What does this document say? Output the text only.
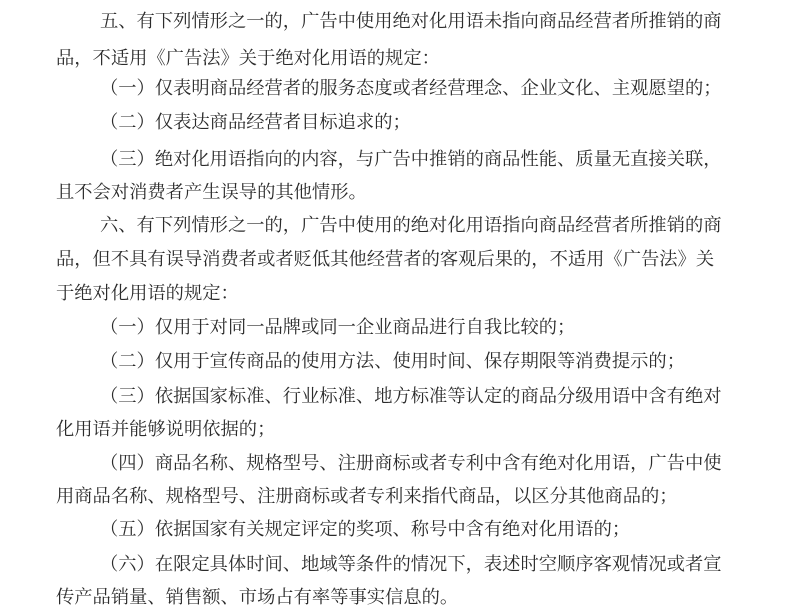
五、有下列情形之一的，广告中使用绝对化用语未指向商品经营者所推销的商
品，不适用《广告法》关于绝对化用语的规定：
（一）仅表明商品经营者的服务态度或者经营理念、企业文化、主观愿望的；
（二）仅表达商品经营者目标追求的；
（三）绝对化用语指向的内容，与广告中推销的商品性能、质量无直接关联，
且不会对消费者产生误导的其他情形。
六、有下列情形之一的，广告中使用的绝对化用语指向商品经营者所推销的商
品，但不具有误导消费者或者贬低其他经营者的客观后果的，不适用《广告法》关
于绝对化用语的规定：
（一）仅用于对同一品牌或同一企业商品进行自我比较的；
（二）仅用于宣传商品的使用方法、使用时间、保存期限等消费提示的；
（三）依据国家标准、行业标准、地方标准等认定的商品分级用语中含有绝对
化用语并能够说明依据的；
（四）商品名称、规格型号、注册商标或者专利中含有绝对化用语，广告中使
用商品名称、规格型号、注册商标或者专利来指代商品，以区分其他商品的；
（五）依据国家有关规定评定的奖项、称号中含有绝对化用语的；
（六）在限定具体时间、地域等条件的情况下，表述时空顺序客观情况或者宣
传产品销量、销售额、市场占有率等事实信息的。
